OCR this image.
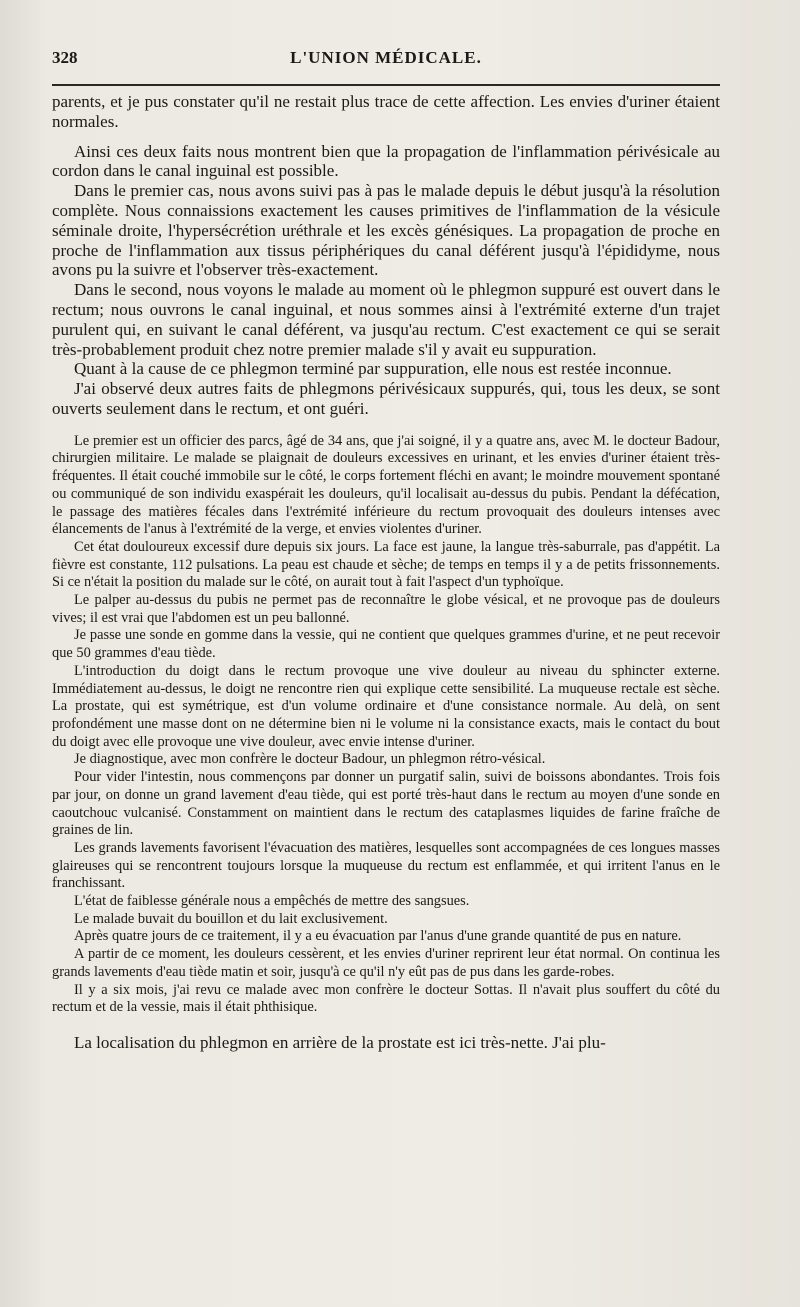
328	L'UNION MÉDICALE.

parents, et je pus constater qu'il ne restait plus trace de cette affection. Les envies d'uriner étaient normales.

Ainsi ces deux faits nous montrent bien que la propagation de l'inflammation périvésicale au cordon dans le canal inguinal est possible.

Dans le premier cas, nous avons suivi pas à pas le malade depuis le début jusqu'à la résolution complète. Nous connaissions exactement les causes primitives de l'inflammation de la vésicule séminale droite, l'hypersécrétion uréthrale et les excès génésiques. La propagation de proche en proche de l'inflammation aux tissus périphériques du canal déférent jusqu'à l'épididyme, nous avons pu la suivre et l'observer très-exactement.

Dans le second, nous voyons le malade au moment où le phlegmon suppuré est ouvert dans le rectum; nous ouvrons le canal inguinal, et nous sommes ainsi à l'extrémité externe d'un trajet purulent qui, en suivant le canal déférent, va jusqu'au rectum. C'est exactement ce qui se serait très-probablement produit chez notre premier malade s'il y avait eu suppuration.

Quant à la cause de ce phlegmon terminé par suppuration, elle nous est restée inconnue.

J'ai observé deux autres faits de phlegmons périvésicaux suppurés, qui, tous les deux, se sont ouverts seulement dans le rectum, et ont guéri.

Le premier est un officier des parcs, âgé de 34 ans, que j'ai soigné, il y a quatre ans, avec M. le docteur Badour, chirurgien militaire. Le malade se plaignait de douleurs excessives en urinant, et les envies d'uriner étaient très-fréquentes. Il était couché immobile sur le côté, le corps fortement fléchi en avant; le moindre mouvement spontané ou communiqué de son individu exaspérait les douleurs, qu'il localisait au-dessus du pubis. Pendant la défécation, le passage des matières fécales dans l'extrémité inférieure du rectum provoquait des douleurs intenses avec élancements de l'anus à l'extrémité de la verge, et envies violentes d'uriner.

Cet état douloureux excessif dure depuis six jours. La face est jaune, la langue très-saburrale, pas d'appétit. La fièvre est constante, 112 pulsations. La peau est chaude et sèche; de temps en temps il y a de petits frissonnements. Si ce n'était la position du malade sur le côté, on aurait tout à fait l'aspect d'un typhoïque.

Le palper au-dessus du pubis ne permet pas de reconnaître le globe vésical, et ne provoque pas de douleurs vives; il est vrai que l'abdomen est un peu ballonné.

Je passe une sonde en gomme dans la vessie, qui ne contient que quelques grammes d'urine, et ne peut recevoir que 50 grammes d'eau tiède.

L'introduction du doigt dans le rectum provoque une vive douleur au niveau du sphincter externe. Immédiatement au-dessus, le doigt ne rencontre rien qui explique cette sensibilité. La muqueuse rectale est sèche. La prostate, qui est symétrique, est d'un volume ordinaire et d'une consistance normale. Au delà, on sent profondément une masse dont on ne détermine bien ni le volume ni la consistance exacts, mais le contact du bout du doigt avec elle provoque une vive douleur, avec envie intense d'uriner.

Je diagnostique, avec mon confrère le docteur Badour, un phlegmon rétro-vésical.

Pour vider l'intestin, nous commençons par donner un purgatif salin, suivi de boissons abondantes. Trois fois par jour, on donne un grand lavement d'eau tiède, qui est porté très-haut dans le rectum au moyen d'une sonde en caoutchouc vulcanisé. Constamment on maintient dans le rectum des cataplasmes liquides de farine fraîche de graines de lin.

Les grands lavements favorisent l'évacuation des matières, lesquelles sont accompagnées de ces longues masses glaireuses qui se rencontrent toujours lorsque la muqueuse du rectum est enflammée, et qui irritent l'anus en le franchissant.

L'état de faiblesse générale nous a empêchés de mettre des sangsues.

Le malade buvait du bouillon et du lait exclusivement.

Après quatre jours de ce traitement, il y a eu évacuation par l'anus d'une grande quantité de pus en nature.

A partir de ce moment, les douleurs cessèrent, et les envies d'uriner reprirent leur état normal. On continua les grands lavements d'eau tiède matin et soir, jusqu'à ce qu'il n'y eût pas de pus dans les garde-robes.

Il y a six mois, j'ai revu ce malade avec mon confrère le docteur Sottas. Il n'avait plus souffert du côté du rectum et de la vessie, mais il était phthisique.

La localisation du phlegmon en arrière de la prostate est ici très-nette. J'ai plu-
